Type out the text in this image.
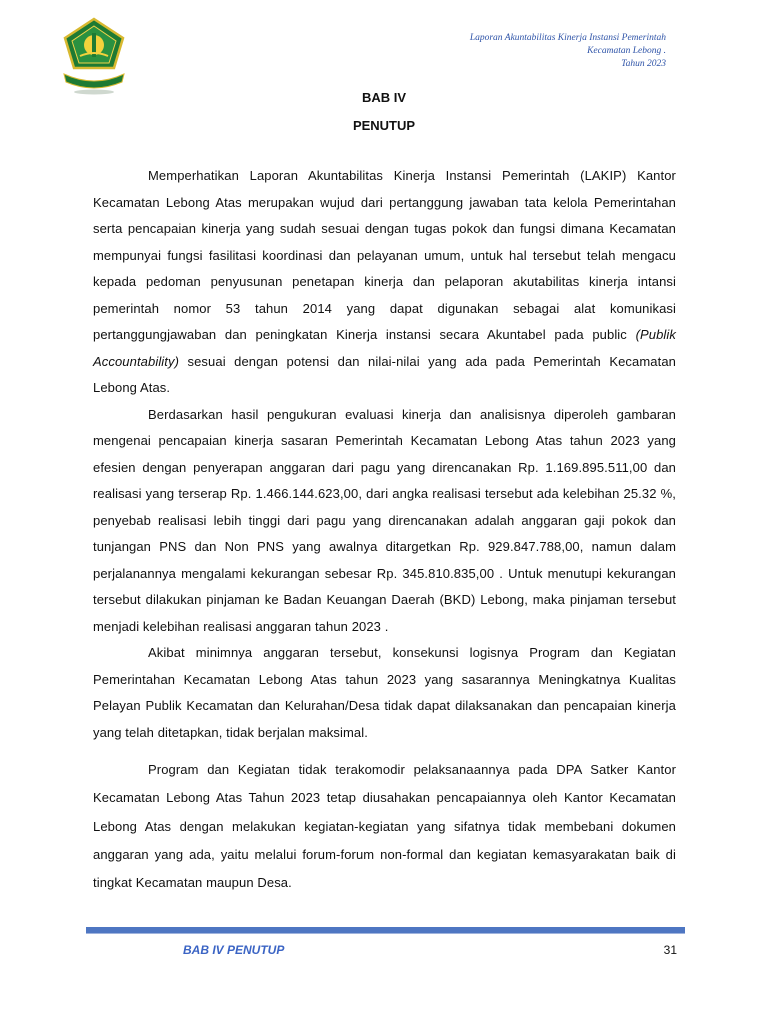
Laporan Akuntabilitas Kinerja Instansi Pemerintah
Kecamatan Lebong .
Tahun 2023
BAB IV
PENUTUP

Memperhatikan Laporan Akuntabilitas Kinerja Instansi Pemerintah (LAKIP) Kantor Kecamatan Lebong Atas merupakan wujud dari pertanggung jawaban tata kelola Pemerintahan serta pencapaian kinerja yang sudah sesuai dengan tugas pokok dan fungsi dimana Kecamatan mempunyai fungsi fasilitasi koordinasi dan pelayanan umum, untuk hal tersebut telah mengacu kepada pedoman penyusunan penetapan kinerja dan pelaporan akutabilitas kinerja intansi pemerintah nomor 53 tahun 2014 yang dapat digunakan sebagai alat komunikasi pertanggungjawaban dan peningkatan Kinerja instansi secara Akuntabel pada public (Publik Accountability) sesuai dengan potensi dan nilai-nilai yang ada pada Pemerintah Kecamatan Lebong Atas.

Berdasarkan hasil pengukuran evaluasi kinerja dan analisisnya diperoleh gambaran mengenai pencapaian kinerja sasaran Pemerintah Kecamatan Lebong Atas tahun 2023 yang efesien dengan penyerapan anggaran dari pagu yang direncanakan Rp. 1.169.895.511,00 dan realisasi yang terserap Rp. 1.466.144.623,00, dari angka realisasi tersebut ada kelebihan 25.32 %, penyebab realisasi lebih tinggi dari pagu yang direncanakan adalah anggaran gaji pokok dan tunjangan PNS dan Non PNS yang awalnya ditargetkan Rp. 929.847.788,00, namun dalam perjalanannya mengalami kekurangan sebesar Rp. 345.810.835,00 . Untuk menutupi kekurangan tersebut dilakukan pinjaman ke Badan Keuangan Daerah (BKD) Lebong, maka pinjaman tersebut menjadi kelebihan realisasi anggaran tahun 2023 .

Akibat minimnya anggaran tersebut, konsekunsi logisnya Program dan Kegiatan Pemerintahan Kecamatan Lebong Atas tahun 2023 yang sasarannya Meningkatnya Kualitas Pelayan Publik Kecamatan dan Kelurahan/Desa tidak dapat dilaksanakan dan pencapaian kinerja yang telah ditetapkan, tidak berjalan maksimal.

Program dan Kegiatan tidak terakomodir pelaksanaannya pada DPA Satker Kantor Kecamatan Lebong Atas Tahun 2023 tetap diusahakan pencapaiannya oleh Kantor Kecamatan Lebong Atas dengan melakukan kegiatan-kegiatan yang sifatnya tidak membebani dokumen anggaran yang ada, yaitu melalui forum-forum non-formal dan kegiatan kemasyarakatan baik di tingkat Kecamatan maupun Desa.

BAB IV PENUTUP	31
